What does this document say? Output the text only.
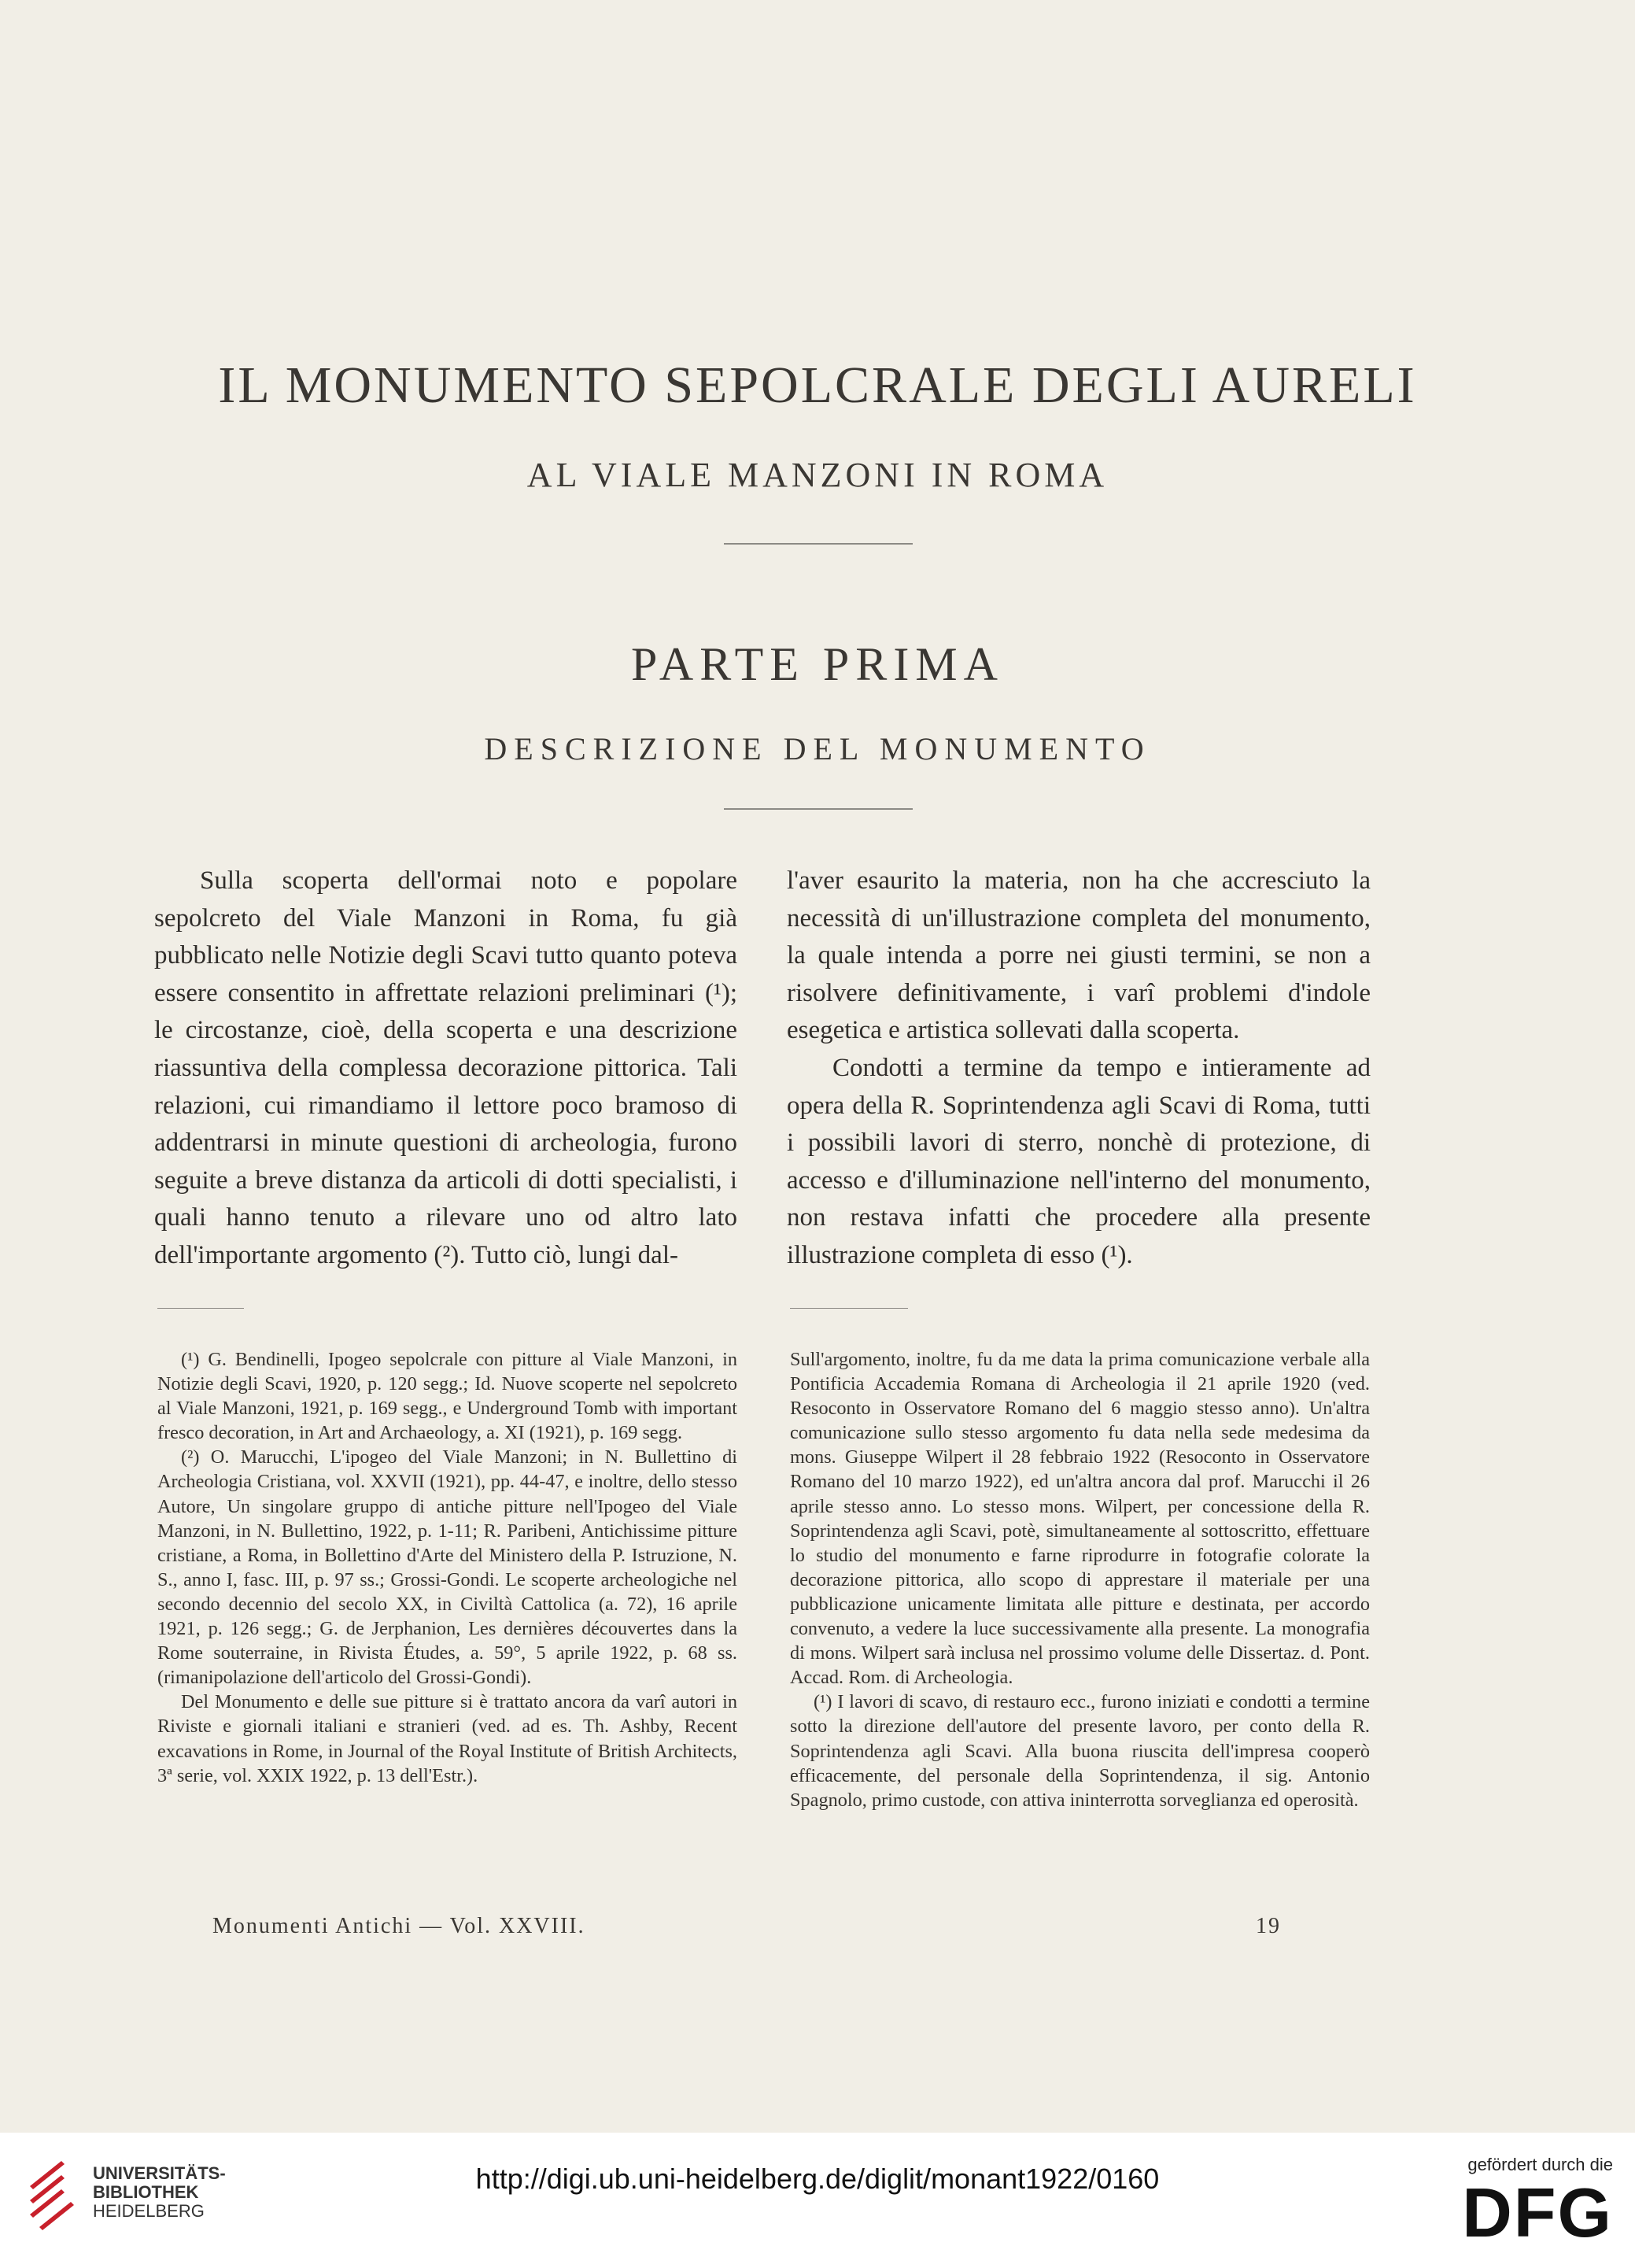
IL MONUMENTO SEPOLCRALE DEGLI AURELI
AL VIALE MANZONI IN ROMA
PARTE PRIMA
DESCRIZIONE DEL MONUMENTO

Sulla scoperta dell'ormai noto e popolare sepolcreto del Viale Manzoni in Roma, fu già pubblicato nelle Notizie degli Scavi tutto quanto poteva essere consentito in affrettate relazioni preliminari (¹); le circostanze, cioè, della scoperta e una descrizione riassuntiva della complessa decorazione pittorica. Tali relazioni, cui rimandiamo il lettore poco bramoso di addentrarsi in minute questioni di archeologia, furono seguite a breve distanza da articoli di dotti specialisti, i quali hanno tenuto a rilevare uno od altro lato dell'importante argomento (²). Tutto ciò, lungi dal-

l'aver esaurito la materia, non ha che accresciuto la necessità di un'illustrazione completa del monumento, la quale intenda a porre nei giusti termini, se non a risolvere definitivamente, i varî problemi d'indole esegetica e artistica sollevati dalla scoperta.

Condotti a termine da tempo e intieramente ad opera della R. Soprintendenza agli Scavi di Roma, tutti i possibili lavori di sterro, nonchè di protezione, di accesso e d'illuminazione nell'interno del monumento, non restava infatti che procedere alla presente illustrazione completa di esso (¹).

(¹) G. Bendinelli, Ipogeo sepolcrale con pitture al Viale Manzoni, in Notizie degli Scavi, 1920, p. 120 segg.; Id. Nuove scoperte nel sepolcreto al Viale Manzoni, 1921, p. 169 segg., e Underground Tomb with important fresco decoration, in Art and Archaeology, a. XI (1921), p. 169 segg.

(²) O. Marucchi, L'ipogeo del Viale Manzoni; in N. Bullettino di Archeologia Cristiana, vol. XXVII (1921), pp. 44-47, e inoltre, dello stesso Autore, Un singolare gruppo di antiche pitture nell'Ipogeo del Viale Manzoni, in N. Bullettino, 1922, p. 1-11; R. Paribeni, Antichissime pitture cristiane, a Roma, in Bollettino d'Arte del Ministero della P. Istruzione, N. S., anno I, fasc. III, p. 97 ss.; Grossi-Gondi. Le scoperte archeologiche nel secondo decennio del secolo XX, in Civiltà Cattolica (a. 72), 16 aprile 1921, p. 126 segg.; G. de Jerphanion, Les dernières découvertes dans la Rome souterraine, in Rivista Études, a. 59°, 5 aprile 1922, p. 68 ss. (rimanipolazione dell'articolo del Grossi-Gondi).

Del Monumento e delle sue pitture si è trattato ancora da varî autori in Riviste e giornali italiani e stranieri (ved. ad es. Th. Ashby, Recent excavations in Rome, in Journal of the Royal Institute of British Architects, 3ª serie, vol. XXIX 1922, p. 13 dell'Estr.).

Sull'argomento, inoltre, fu da me data la prima comunicazione verbale alla Pontificia Accademia Romana di Archeologia il 21 aprile 1920 (ved. Resoconto in Osservatore Romano del 6 maggio stesso anno). Un'altra comunicazione sullo stesso argomento fu data nella sede medesima da mons. Giuseppe Wilpert il 28 febbraio 1922 (Resoconto in Osservatore Romano del 10 marzo 1922), ed un'altra ancora dal prof. Marucchi il 26 aprile stesso anno. Lo stesso mons. Wilpert, per concessione della R. Soprintendenza agli Scavi, potè, simultaneamente al sottoscritto, effettuare lo studio del monumento e farne riprodurre in fotografie colorate la decorazione pittorica, allo scopo di apprestare il materiale per una pubblicazione unicamente limitata alle pitture e destinata, per accordo convenuto, a vedere la luce successivamente alla presente. La monografia di mons. Wilpert sarà inclusa nel prossimo volume delle Dissertaz. d. Pont. Accad. Rom. di Archeologia.

(¹) I lavori di scavo, di restauro ecc., furono iniziati e condotti a termine sotto la direzione dell'autore del presente lavoro, per conto della R. Soprintendenza agli Scavi. Alla buona riuscita dell'impresa cooperò efficacemente, del personale della Soprintendenza, il sig. Antonio Spagnolo, primo custode, con attiva ininterrotta sorveglianza ed operosità.

Monumenti Antichi — Vol. XXVIII.	19
UNIVERSITÄTS-
BIBLIOTHEK
HEIDELBERG
http://digi.ub.uni-heidelberg.de/diglit/monant1922/0160	gefördert durch die
DFG
